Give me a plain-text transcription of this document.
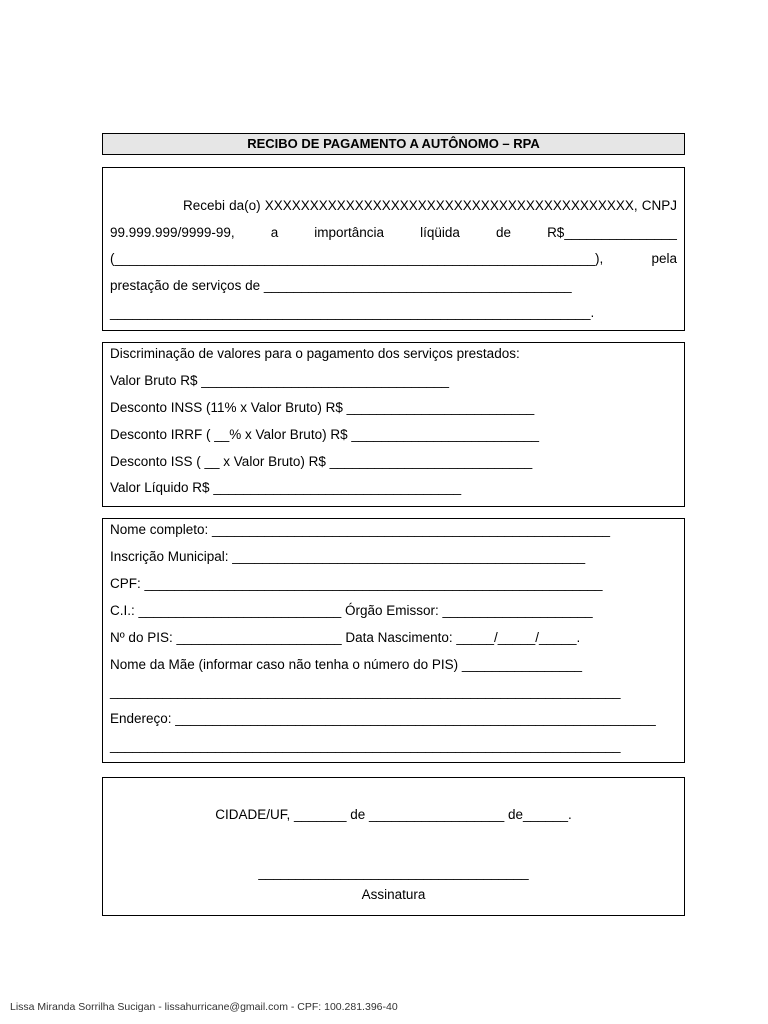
RECIBO DE PAGAMENTO A AUTÔNOMO – RPA
Recebi da(o) XXXXXXXXXXXXXXXXXXXXXXXXXXXXXXXXXXXXXXXXX, CNPJ
99.999.999/9999-99,	a	importância	líqüida	de	R$_______________
(________________________________________________________________),	pela
prestação de serviços de _________________________________________
________________________________________________________________.
Discriminação de valores para o pagamento dos serviços prestados:
Valor Bruto R$ _________________________________
Desconto INSS (11% x Valor Bruto) R$ _________________________
Desconto IRRF ( __% x Valor Bruto) R$ _________________________
Desconto ISS ( __ x Valor Bruto) R$ ___________________________
Valor Líquido R$ _________________________________
Nome completo: _____________________________________________________
Inscrição Municipal: _______________________________________________
CPF: _____________________________________________________________
C.I.: ___________________________ Órgão Emissor: ____________________
Nº do PIS: ______________________ Data Nascimento: _____/_____/_____.
Nome da Mãe (informar caso não tenha o número do PIS) ________________
____________________________________________________________________
Endereço: ________________________________________________________________
____________________________________________________________________
CIDADE/UF, _______ de __________________ de______.
____________________________________
Assinatura
Lissa Miranda Sorrilha Sucigan - lissahurricane@gmail.com - CPF: 100.281.396-40
